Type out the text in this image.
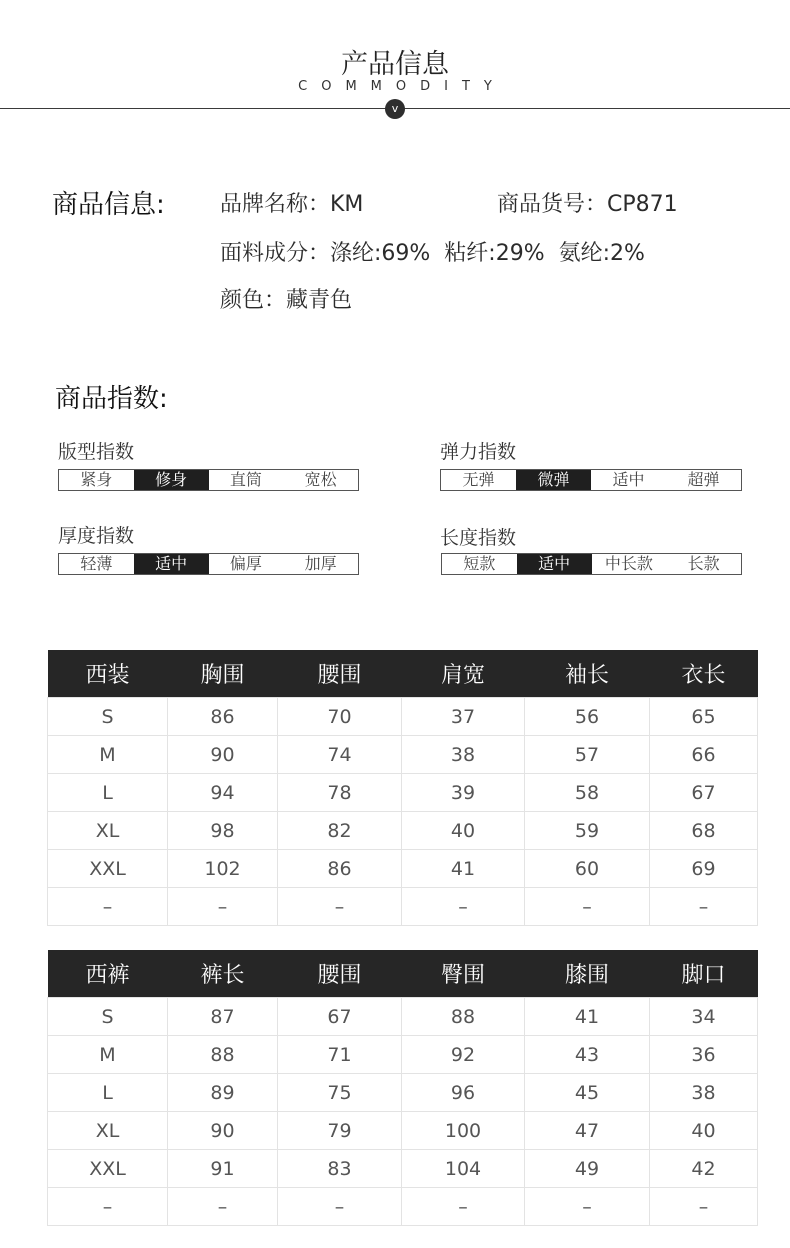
产品信息
COMMODITY
v
商品信息:	品牌名称：KM	商品货号：CP871
面料成分：涤纶:69%  粘纤:29%  氨纶:2%
颜色：藏青色
商品指数:
版型指数
紧身	修身	直筒	宽松
弹力指数
无弹	微弹	适中	超弹
厚度指数
轻薄	适中	偏厚	加厚
长度指数
短款	适中	中长款	长款
西装	胸围	腰围	肩宽	袖长	衣长
S	86	70	37	56	65
M	90	74	38	57	66
L	94	78	39	58	67
XL	98	82	40	59	68
XXL	102	86	41	60	69
–	–	–	–	–	–
西裤	裤长	腰围	臀围	膝围	脚口
S	87	67	88	41	34
M	88	71	92	43	36
L	89	75	96	45	38
XL	90	79	100	47	40
XXL	91	83	104	49	42
–	–	–	–	–	–
